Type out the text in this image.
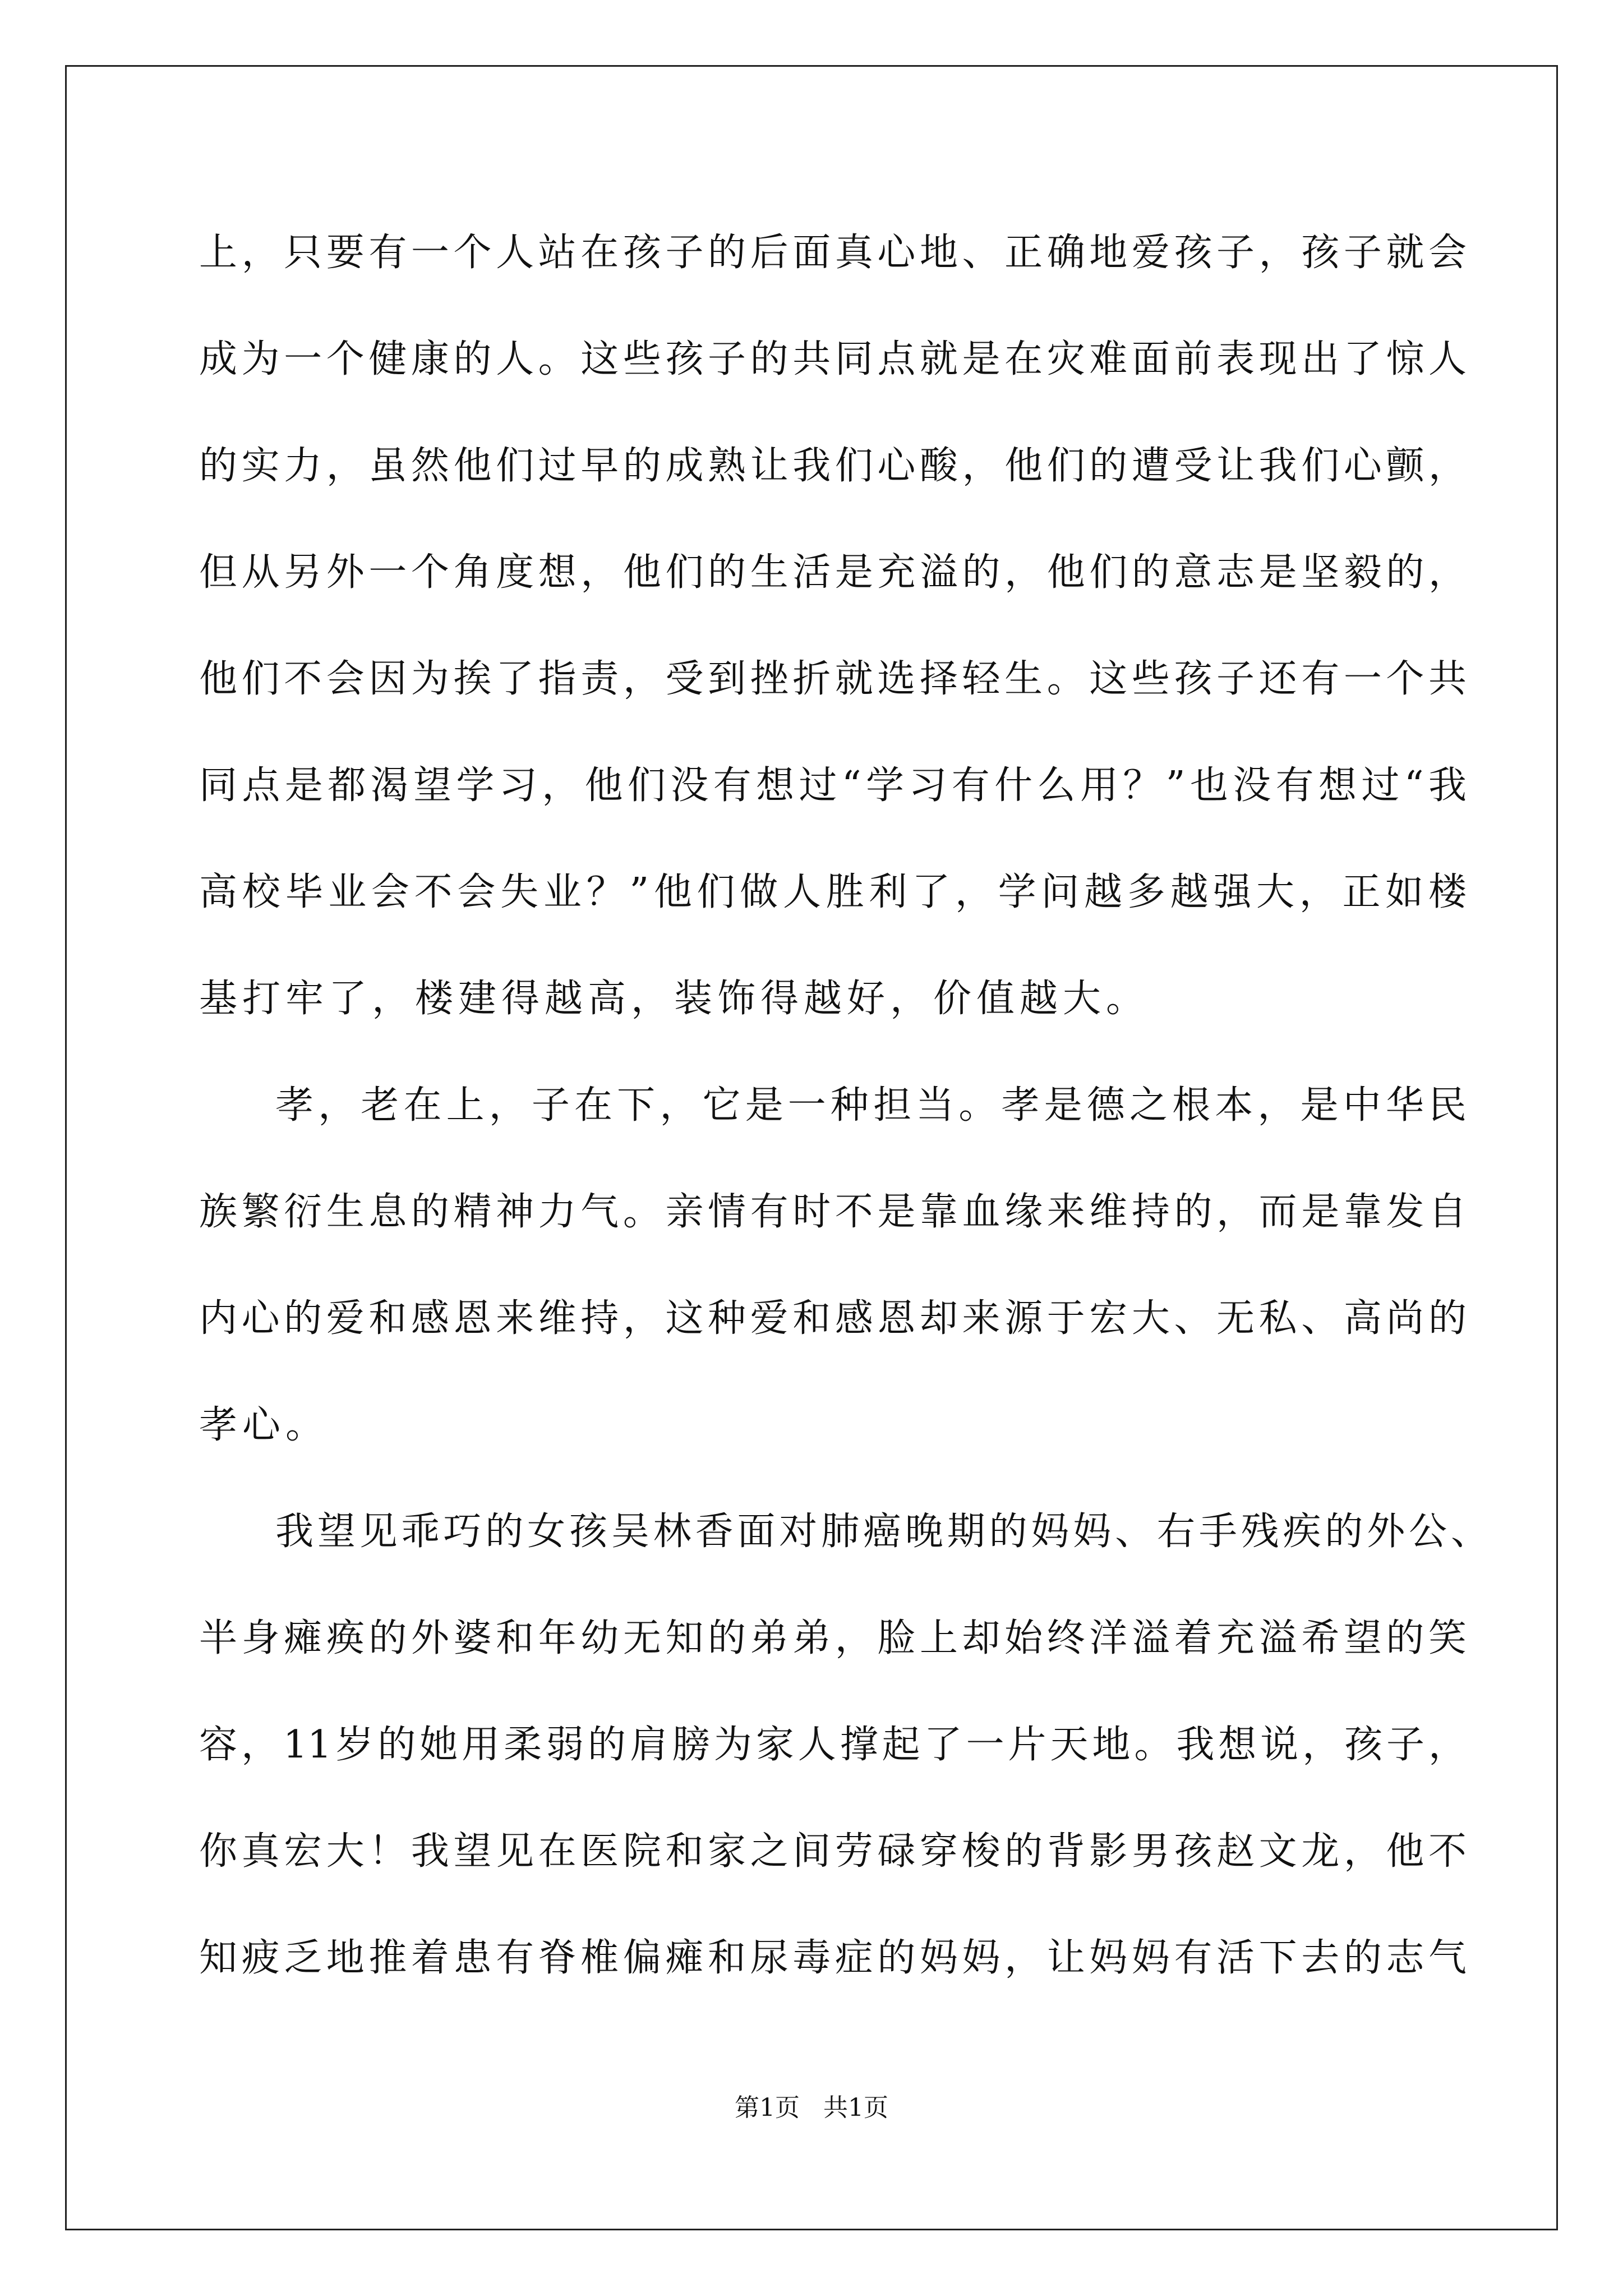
上，只要有一个人站在孩子的后面真心地、正确地爱孩子，孩子就会

成为一个健康的人。这些孩子的共同点就是在灾难面前表现出了惊人

的实力，虽然他们过早的成熟让我们心酸，他们的遭受让我们心颤，

但从另外一个角度想，他们的生活是充溢的，他们的意志是坚毅的，

他们不会因为挨了指责，受到挫折就选择轻生。这些孩子还有一个共

同点是都渴望学习，他们没有想过“学习有什么用？”也没有想过“我

高校毕业会不会失业？”他们做人胜利了，学问越多越强大，正如楼

基打牢了，楼建得越高，装饰得越好，价值越大。

孝，老在上，子在下，它是一种担当。孝是德之根本，是中华民

族繁衍生息的精神力气。亲情有时不是靠血缘来维持的，而是靠发自

内心的爱和感恩来维持，这种爱和感恩却来源于宏大、无私、高尚的

孝心。

我望见乖巧的女孩吴林香面对肺癌晚期的妈妈、右手残疾的外公、

半身瘫痪的外婆和年幼无知的弟弟，脸上却始终洋溢着充溢希望的笑

容，11岁的她用柔弱的肩膀为家人撑起了一片天地。我想说，孩子，

你真宏大！我望见在医院和家之间劳碌穿梭的背影男孩赵文龙，他不

知疲乏地推着患有脊椎偏瘫和尿毒症的妈妈，让妈妈有活下去的志气

第1页 共1页
